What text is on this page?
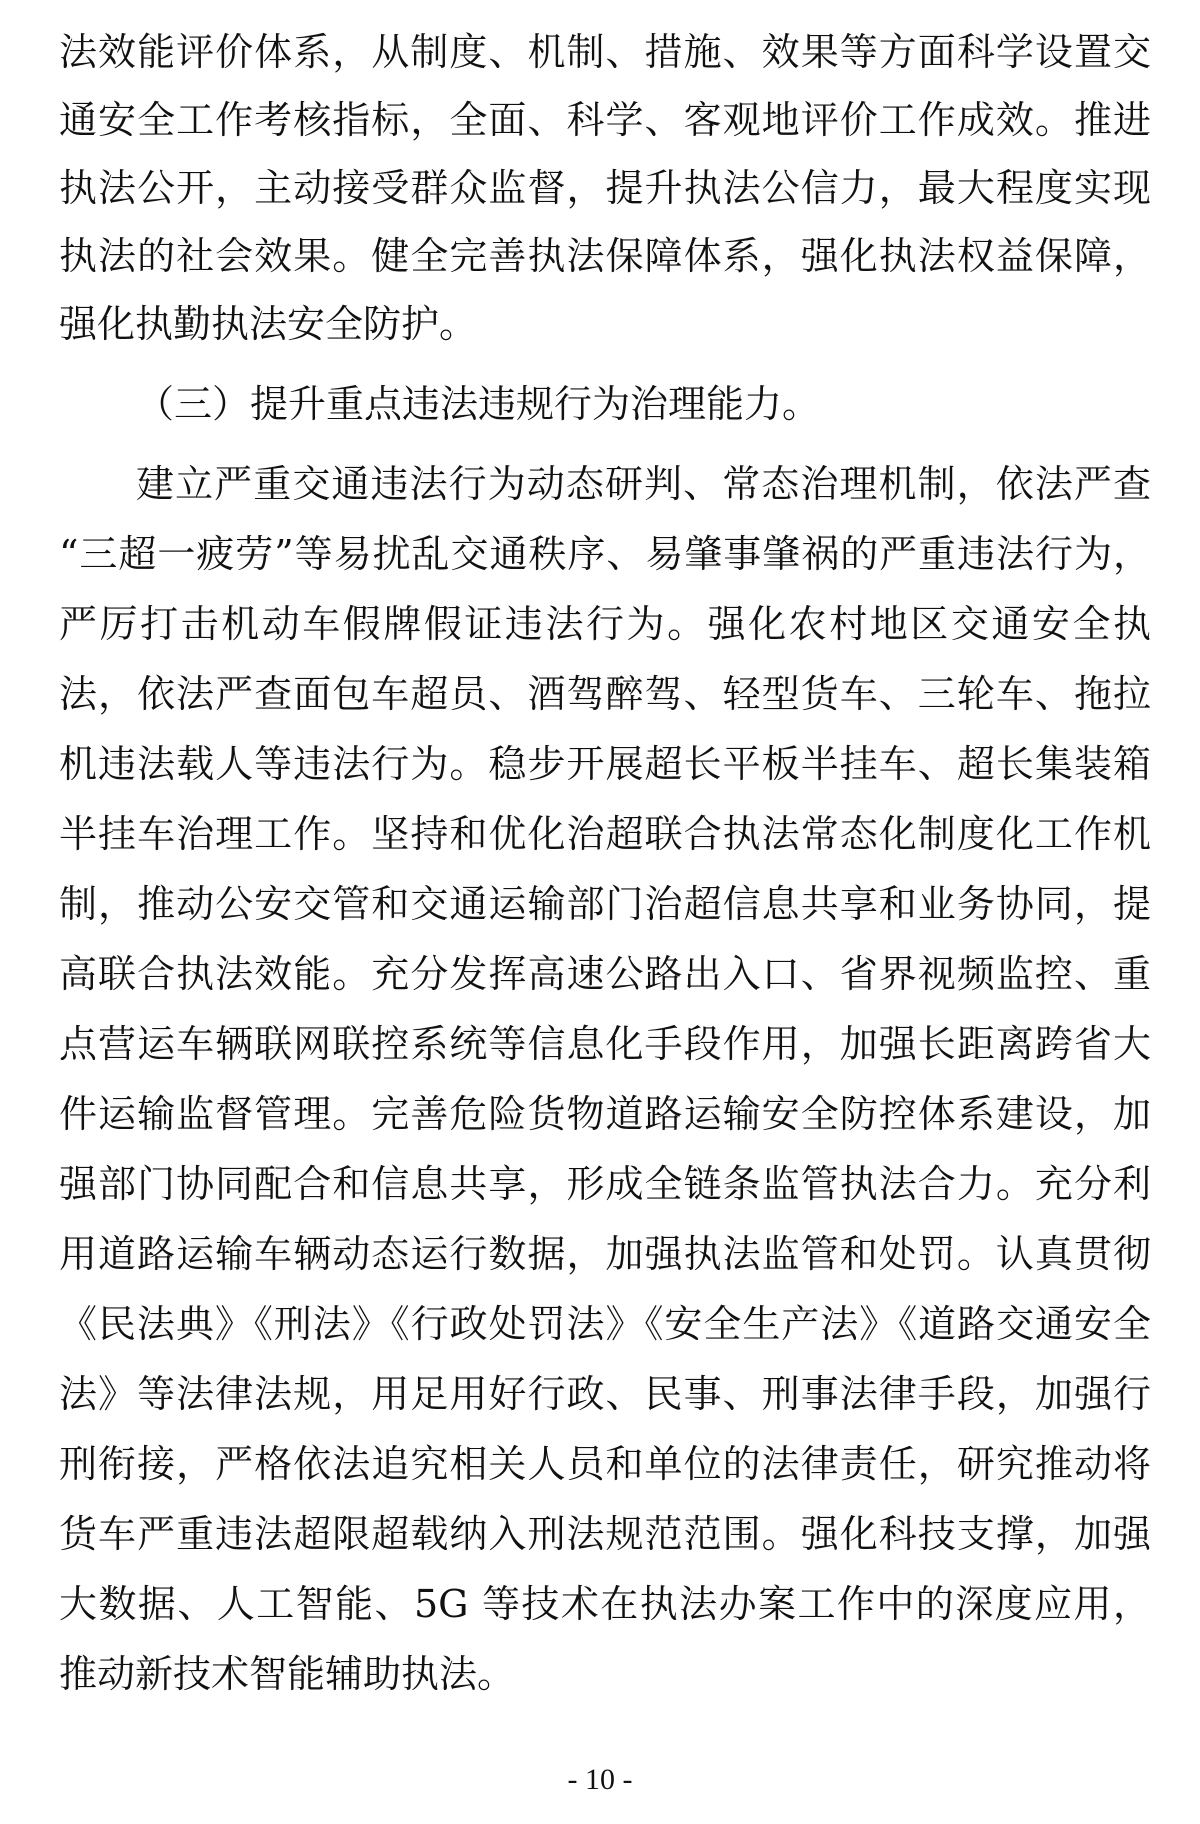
法效能评价体系，从制度、机制、措施、效果等方面科学设置交
通安全工作考核指标，全面、科学、客观地评价工作成效。推进
执法公开，主动接受群众监督，提升执法公信力，最大程度实现
执法的社会效果。健全完善执法保障体系，强化执法权益保障，
强化执勤执法安全防护。
（三）提升重点违法违规行为治理能力。
建立严重交通违法行为动态研判、常态治理机制，依法严查
“三超一疲劳”等易扰乱交通秩序、易肇事肇祸的严重违法行为，
严厉打击机动车假牌假证违法行为。强化农村地区交通安全执
法，依法严查面包车超员、酒驾醉驾、轻型货车、三轮车、拖拉
机违法载人等违法行为。稳步开展超长平板半挂车、超长集装箱
半挂车治理工作。坚持和优化治超联合执法常态化制度化工作机
制，推动公安交管和交通运输部门治超信息共享和业务协同，提
高联合执法效能。充分发挥高速公路出入口、省界视频监控、重
点营运车辆联网联控系统等信息化手段作用，加强长距离跨省大
件运输监督管理。完善危险货物道路运输安全防控体系建设，加
强部门协同配合和信息共享，形成全链条监管执法合力。充分利
用道路运输车辆动态运行数据，加强执法监管和处罚。认真贯彻
《民法典》《刑法》《行政处罚法》《安全生产法》《道路交通安全
法》等法律法规，用足用好行政、民事、刑事法律手段，加强行
刑衔接，严格依法追究相关人员和单位的法律责任，研究推动将
货车严重违法超限超载纳入刑法规范范围。强化科技支撑，加强
大数据、人工智能、5G 等技术在执法办案工作中的深度应用，
推动新技术智能辅助执法。
- 10 -
